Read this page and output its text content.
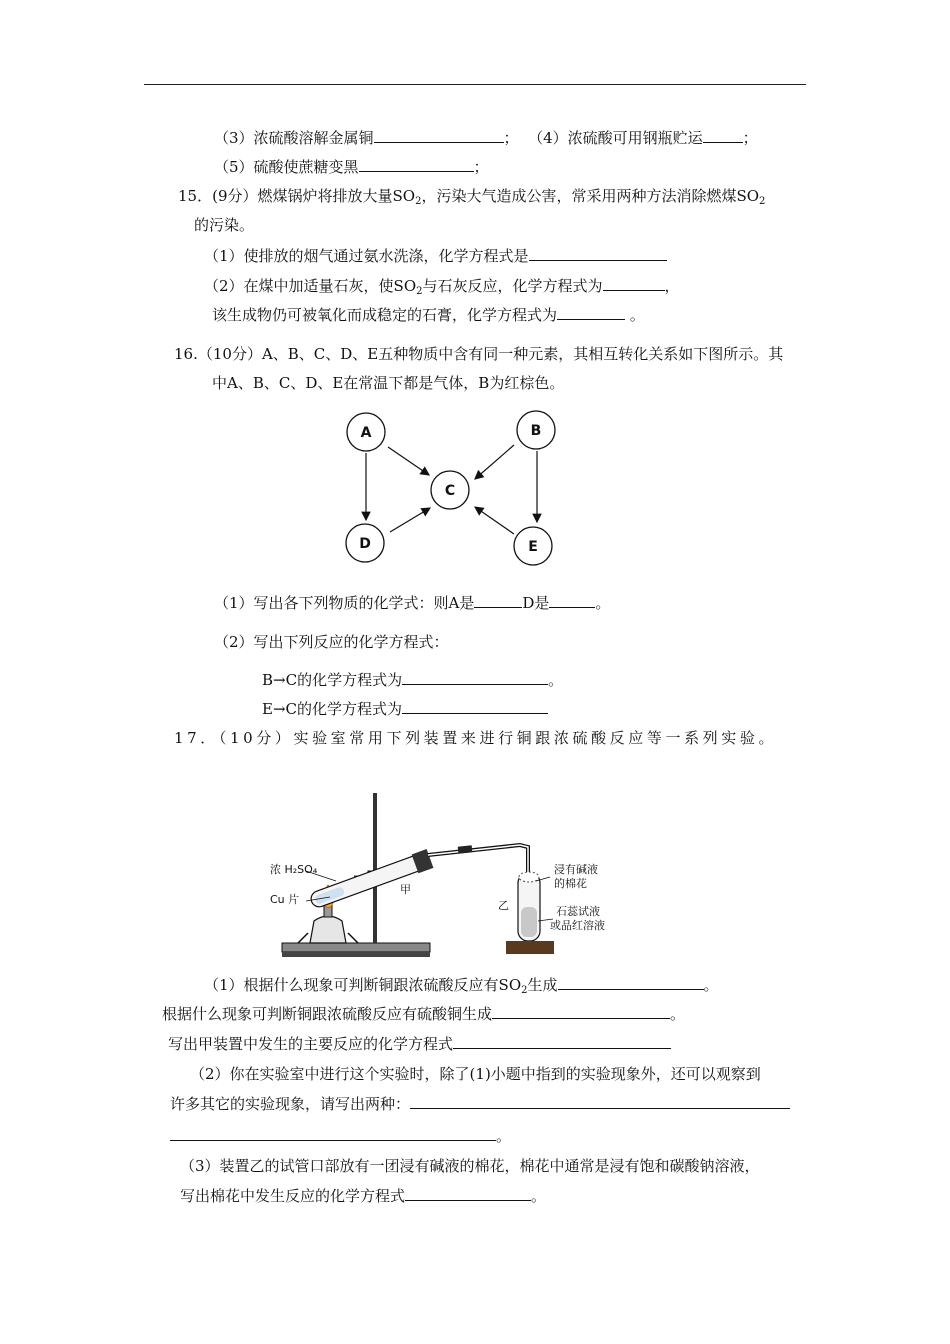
（3）浓硫酸溶解金属铜	； （4）浓硫酸可用钢瓶贮运	；
（5）硫酸使蔗糖变黑	；
15．(9分）燃煤锅炉将排放大量$SO_2$，污染大气造成公害，常采用两种方法消除燃煤$SO_2$
的污染。
（1）使排放的烟气通过氨水洗涤，化学方程式是
（2）在煤中加适量石灰，使$SO_2$与石灰反应，化学方程式为	，
该生成物仍可被氧化而成稳定的石膏，化学方程式为	。
16.（10分）A、B、C、D、E五种物质中含有同一种元素，其相互转化关系如下图所示。其
中A、B、C、D、E在常温下都是气体，B为红棕色。
A	B
C
D	E
（1）写出各下列物质的化学式：则A是	D是	。
（2）写出下列反应的化学方程式：
B→C的化学方程式为	。
E→C的化学方程式为
17．（10分）实验室常用下列装置来进行铜跟浓硫酸反应等一系列实验。
浓 H₂SO₄
Cu 片
甲
乙
浸有碱液
的棉花
石蕊试液
或品红溶液
（1）根据什么现象可判断铜跟浓硫酸反应有$SO_2$生成	。
根据什么现象可判断铜跟浓硫酸反应有硫酸铜生成	。
写出甲装置中发生的主要反应的化学方程式
（2）你在实验室中进行这个实验时，除了(1)小题中指到的实验现象外，还可以观察到
许多其它的实验现象，请写出两种：
。
（3）装置乙的试管口部放有一团浸有碱液的棉花，棉花中通常是浸有饱和碳酸钠溶液，
写出棉花中发生反应的化学方程式	。
